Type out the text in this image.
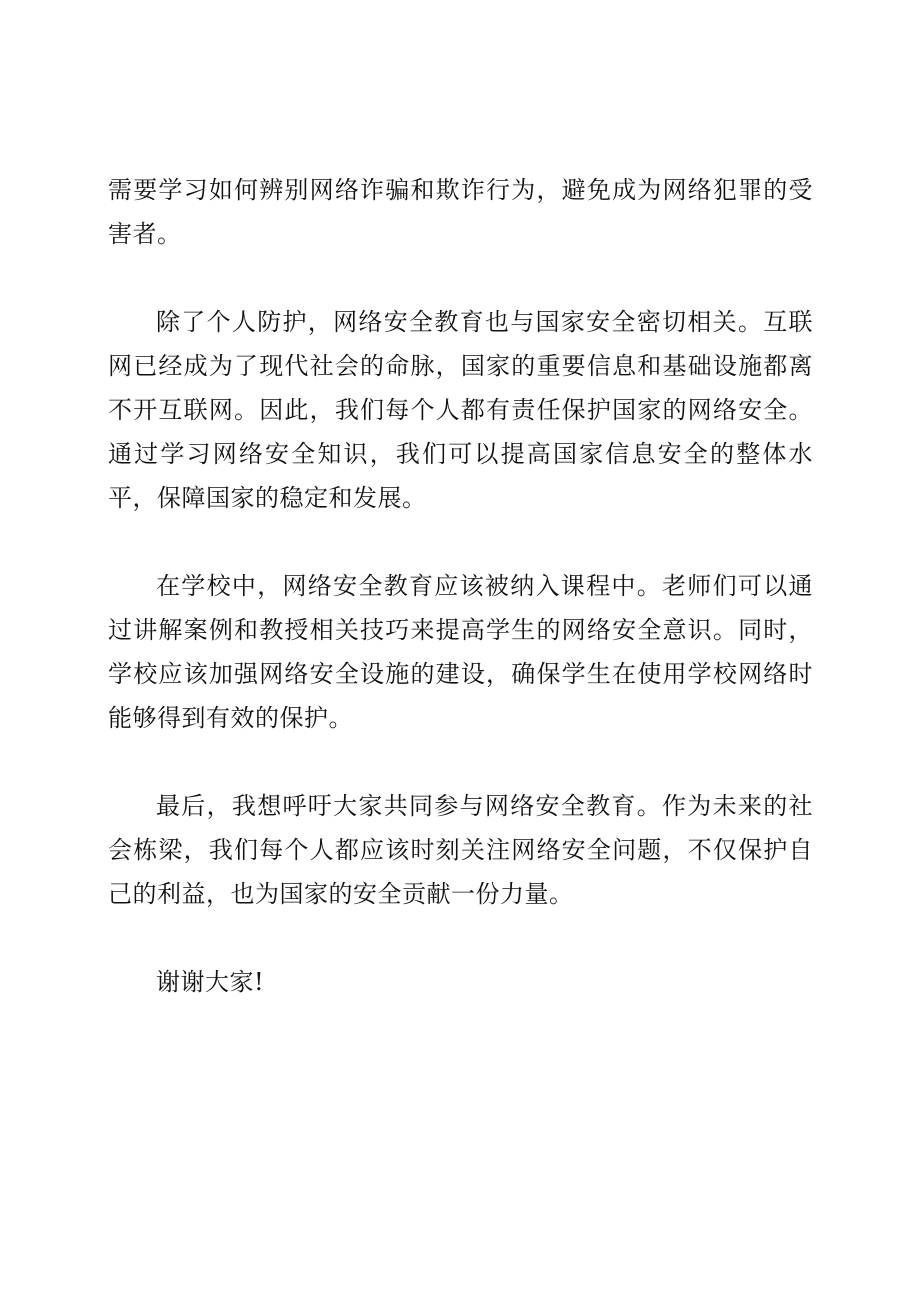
需要学习如何辨别网络诈骗和欺诈行为，避免成为网络犯罪的受害者。

除了个人防护，网络安全教育也与国家安全密切相关。互联网已经成为了现代社会的命脉，国家的重要信息和基础设施都离不开互联网。因此，我们每个人都有责任保护国家的网络安全。通过学习网络安全知识，我们可以提高国家信息安全的整体水平，保障国家的稳定和发展。

在学校中，网络安全教育应该被纳入课程中。老师们可以通过讲解案例和教授相关技巧来提高学生的网络安全意识。同时，学校应该加强网络安全设施的建设，确保学生在使用学校网络时能够得到有效的保护。

最后，我想呼吁大家共同参与网络安全教育。作为未来的社会栋梁，我们每个人都应该时刻关注网络安全问题，不仅保护自己的利益，也为国家的安全贡献一份力量。

谢谢大家!
